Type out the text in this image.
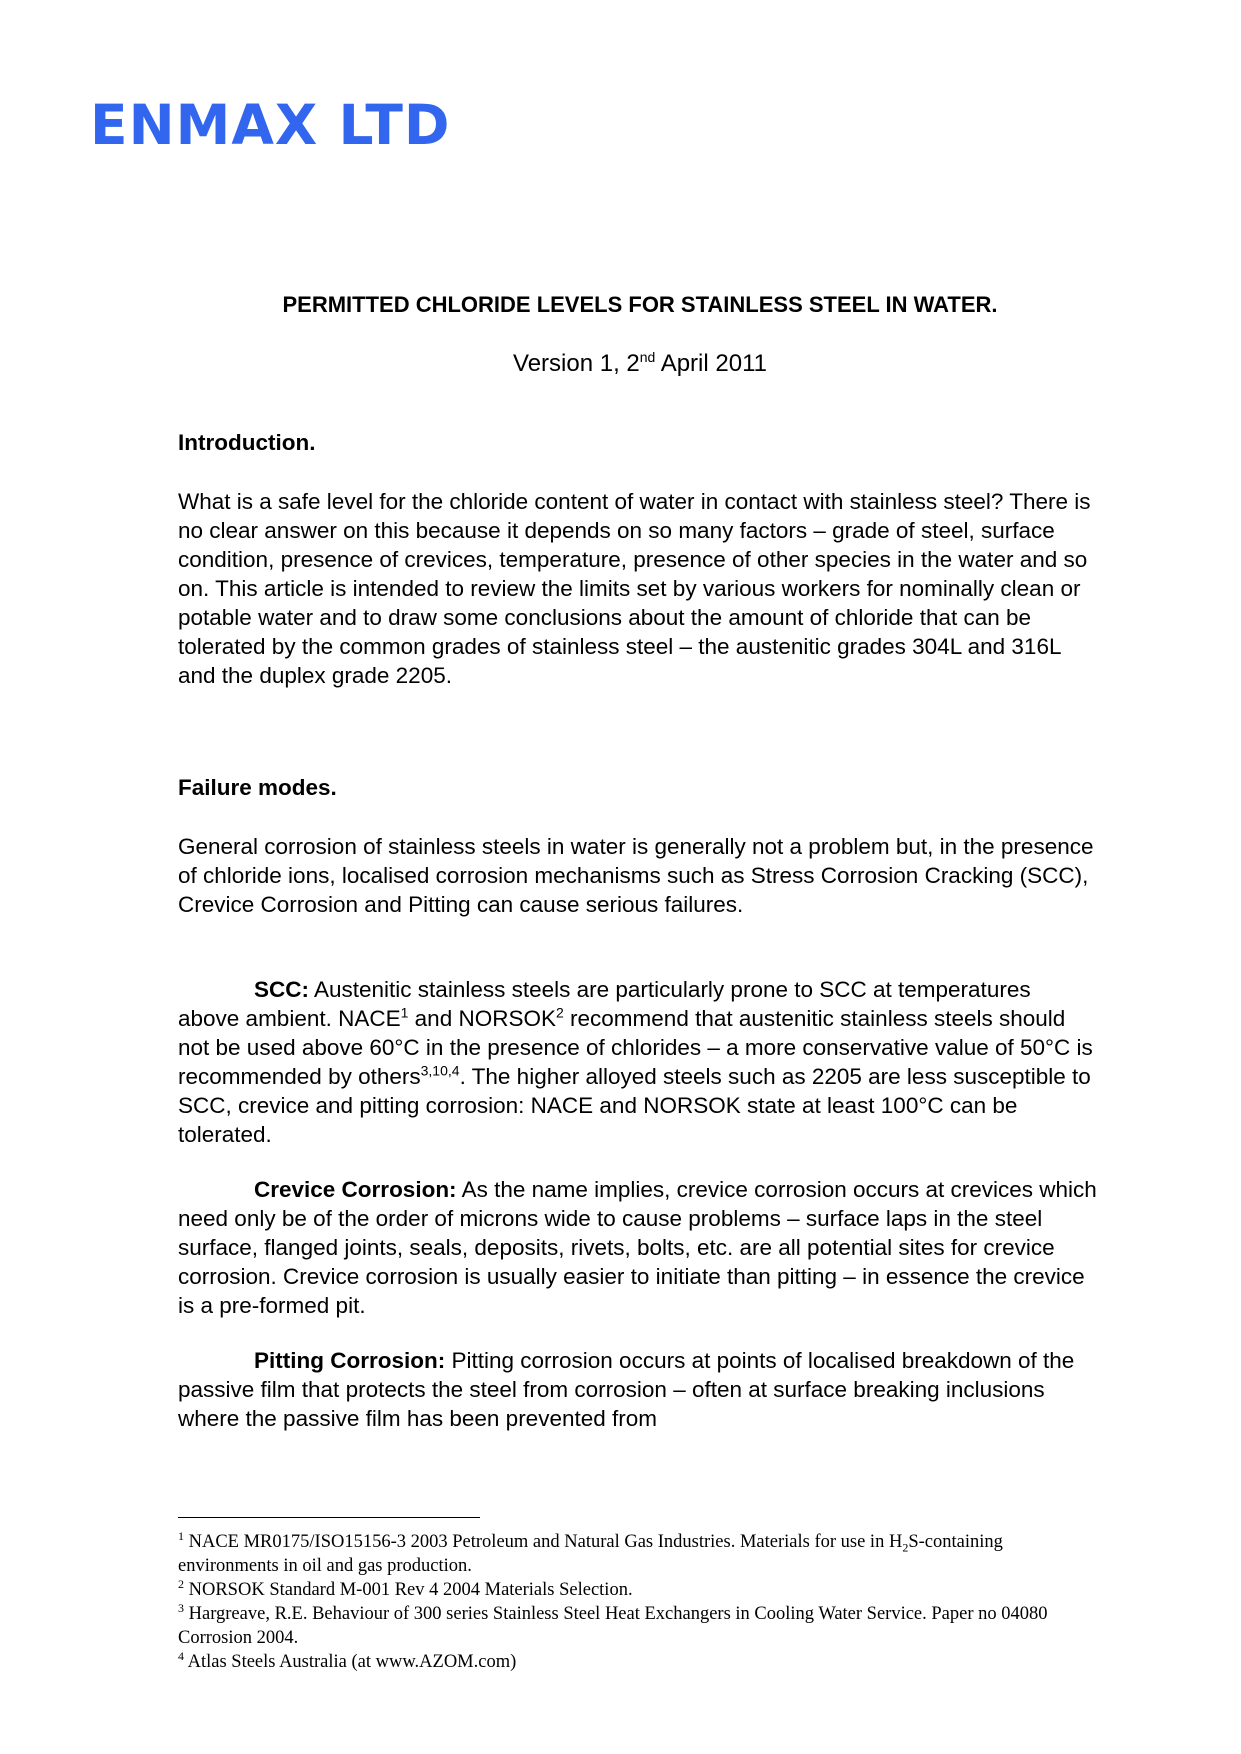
ENMAX LTD
PERMITTED CHLORIDE LEVELS FOR STAINLESS STEEL IN WATER.

Version 1, 2nd April 2011

Introduction.

What is a safe level for the chloride content of water in contact with stainless steel? There is no clear answer on this because it depends on so many factors – grade of steel, surface condition, presence of crevices, temperature, presence of other species in the water and so on. This article is intended to review the limits set by various workers for nominally clean or potable water and to draw some conclusions about the amount of chloride that can be tolerated by the common grades of stainless steel – the austenitic grades 304L and 316L and the duplex grade 2205.

Failure modes.

General corrosion of stainless steels in water is generally not a problem but, in the presence of chloride ions, localised corrosion mechanisms such as Stress Corrosion Cracking (SCC), Crevice Corrosion and Pitting can cause serious failures.

SCC: Austenitic stainless steels are particularly prone to SCC at temperatures above ambient. NACE$^1$ and NORSOK$^2$ recommend that austenitic stainless steels should not be used above 60°C in the presence of chlorides – a more conservative value of 50°C is recommended by others$^{3,10,4}$. The higher alloyed steels such as 2205 are less susceptible to SCC, crevice and pitting corrosion: NACE and NORSOK state at least 100°C can be tolerated.

Crevice Corrosion: As the name implies, crevice corrosion occurs at crevices which need only be of the order of microns wide to cause problems – surface laps in the steel surface, flanged joints, seals, deposits, rivets, bolts, etc. are all potential sites for crevice corrosion. Crevice corrosion is usually easier to initiate than pitting – in essence the crevice is a pre-formed pit.

Pitting Corrosion: Pitting corrosion occurs at points of localised breakdown of the passive film that protects the steel from corrosion – often at surface breaking inclusions where the passive film has been prevented from

$^1$ NACE MR0175/ISO15156-3 2003 Petroleum and Natural Gas Industries. Materials for use in $H_2S$-containing environments in oil and gas production.

$^2$ NORSOK Standard M-001 Rev 4 2004 Materials Selection.

$^3$ Hargreave, R.E. Behaviour of 300 series Stainless Steel Heat Exchangers in Cooling Water Service. Paper no 04080 Corrosion 2004.

$^4$ Atlas Steels Australia (at www.AZOM.com)
